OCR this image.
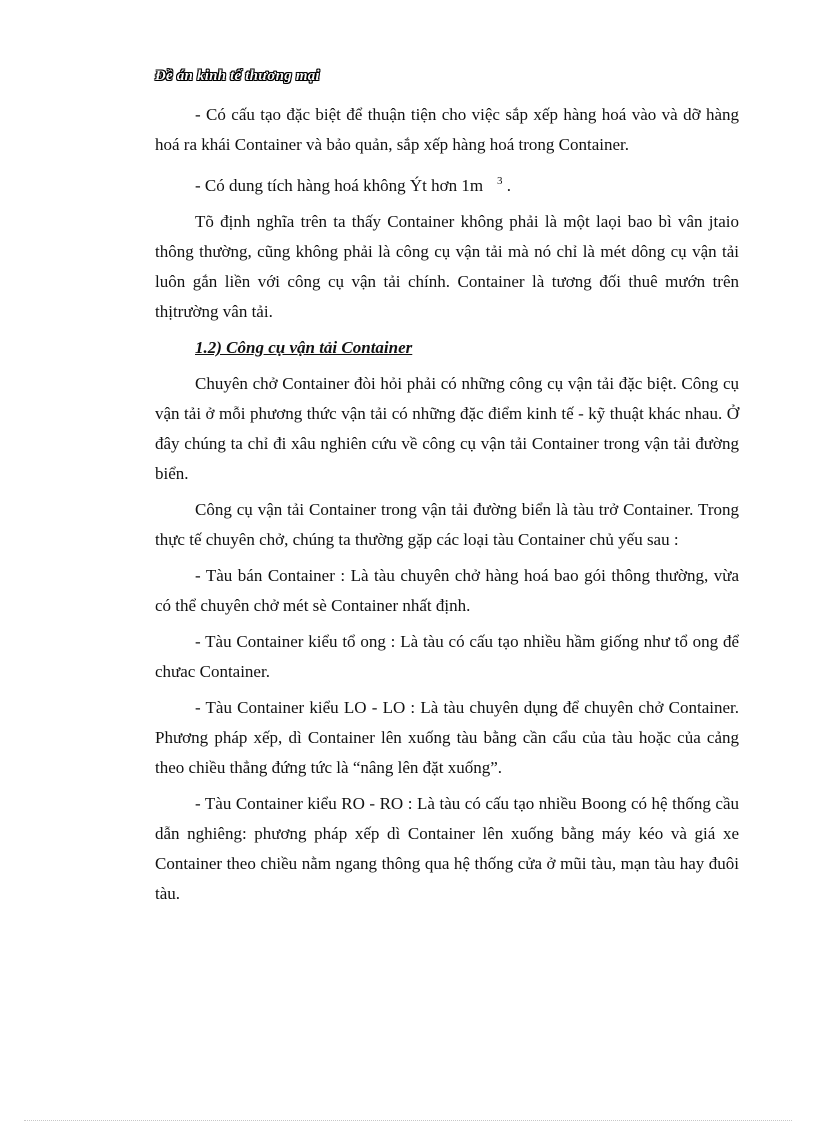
Đề án kinh tế thương mại

- Có cấu tạo đặc biệt để thuận tiện cho việc sắp xếp hàng hoá vào và dỡ hàng hoá ra khái Container và bảo quản, sắp xếp hàng hoá trong Container.

- Có dung tích hàng hoá không Ýt hơn 1m $^3$ .

Tõ định nghĩa trên ta thấy Container không phải là một laọi bao bì vân jtaio thông thường, cũng không phải là công cụ vận tải mà nó chỉ là mét dông cụ vận tải luôn gắn liền với công cụ vận tải chính. Container là tương đối thuê mướn trên thịtrường vân tải.

1.2) Công cụ vận tải Container

Chuyên chở Container đòi hỏi phải có những công cụ vận tải đặc biệt. Công cụ vận tải ở mỗi phương thức vận tải có những đặc điểm kinh tế - kỹ thuật khác nhau. Ở đây chúng ta chỉ đi xâu nghiên cứu về công cụ vận tải Container trong vận tải đường biển.

Công cụ vận tải Container trong vận tải đường biển là tàu trở Container. Trong thực tế chuyên chở, chúng ta thường gặp các loại tàu Container chủ yếu sau :

- Tàu bán Container : Là tàu chuyên chở hàng hoá bao gói thông thường, vừa có thể chuyên chở mét sè Container nhất định.

- Tàu Container kiểu tổ ong : Là tàu có cấu tạo nhiều hầm giống như tổ ong để chưac Container.

- Tàu Container kiểu LO - LO : Là tàu chuyên dụng để chuyên chở Container. Phương pháp xếp, dì Container lên xuống tàu bằng cần cẩu của tàu hoặc của cảng theo chiều thẳng đứng tức là “nâng lên đặt xuống”.

- Tàu Container kiểu RO - RO : Là tàu có cấu tạo nhiều Boong có hệ thống cầu dẫn nghiêng: phương pháp xếp dì Container lên xuống bằng máy kéo và giá xe Container theo chiều nằm ngang thông qua hệ thống cửa ở mũi tàu, mạn tàu hay đuôi tàu.
